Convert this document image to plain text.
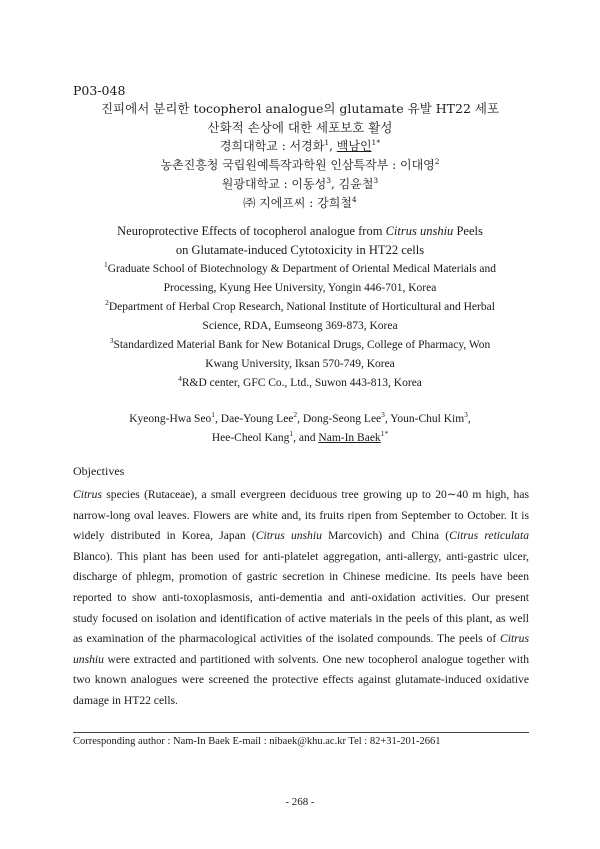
P03-048
진피에서 분리한 tocopherol analogue의 glutamate 유발 HT22 세포
산화적 손상에 대한 세포보호 활성
경희대학교 : 서경화$^1$, 백남인$^{1*}$
농촌진흥청 국립원예특작과학원 인삼특작부 : 이대영$^2$
원광대학교 : 이동성$^3$, 김윤철$^3$
㈜ 지에프씨 : 강희철$^4$
Neuroprotective Effects of tocopherol analogue from Citrus unshiu Peels
on Glutamate-induced Cytotoxicity in HT22 cells
$^1$Graduate School of Biotechnology & Department of Oriental Medical Materials and
Processing, Kyung Hee University, Yongin 446-701, Korea
$^2$Department of Herbal Crop Research, National Institute of Horticultural and Herbal
Science, RDA, Eumseong 369-873, Korea
$^3$Standardized Material Bank for New Botanical Drugs, College of Pharmacy, Won
Kwang University, Iksan 570-749, Korea
$^4$R&D center, GFC Co., Ltd., Suwon 443-813, Korea
Kyeong-Hwa Seo$^1$, Dae-Young Lee$^2$, Dong-Seong Lee$^3$, Youn-Chul Kim$^3$,
Hee-Cheol Kang$^1$, and Nam-In Baek$^{1*}$
Objectives
Citrus species (Rutaceae), a small evergreen deciduous tree growing up to 20∼40 m high, has narrow-long oval leaves. Flowers are white and, its fruits ripen from September to October. It is widely distributed in Korea, Japan (Citrus unshiu Marcovich) and China (Citrus reticulata Blanco). This plant has been used for anti-platelet aggregation, anti-allergy, anti-gastric ulcer, discharge of phlegm, promotion of gastric secretion in Chinese medicine. Its peels have been reported to show anti-toxoplasmosis, anti-dementia and anti-oxidation activities. Our present study focused on isolation and identification of active materials in the peels of this plant, as well as examination of the pharmacological activities of the isolated compounds. The peels of Citrus unshiu were extracted and partitioned with solvents. One new tocopherol analogue together with two known analogues were screened the protective effects against glutamate-induced oxidative damage in HT22 cells.
Corresponding author : Nam-In Baek E-mail : nibaek@khu.ac.kr Tel : 82+31-201-2661
- 268 -
